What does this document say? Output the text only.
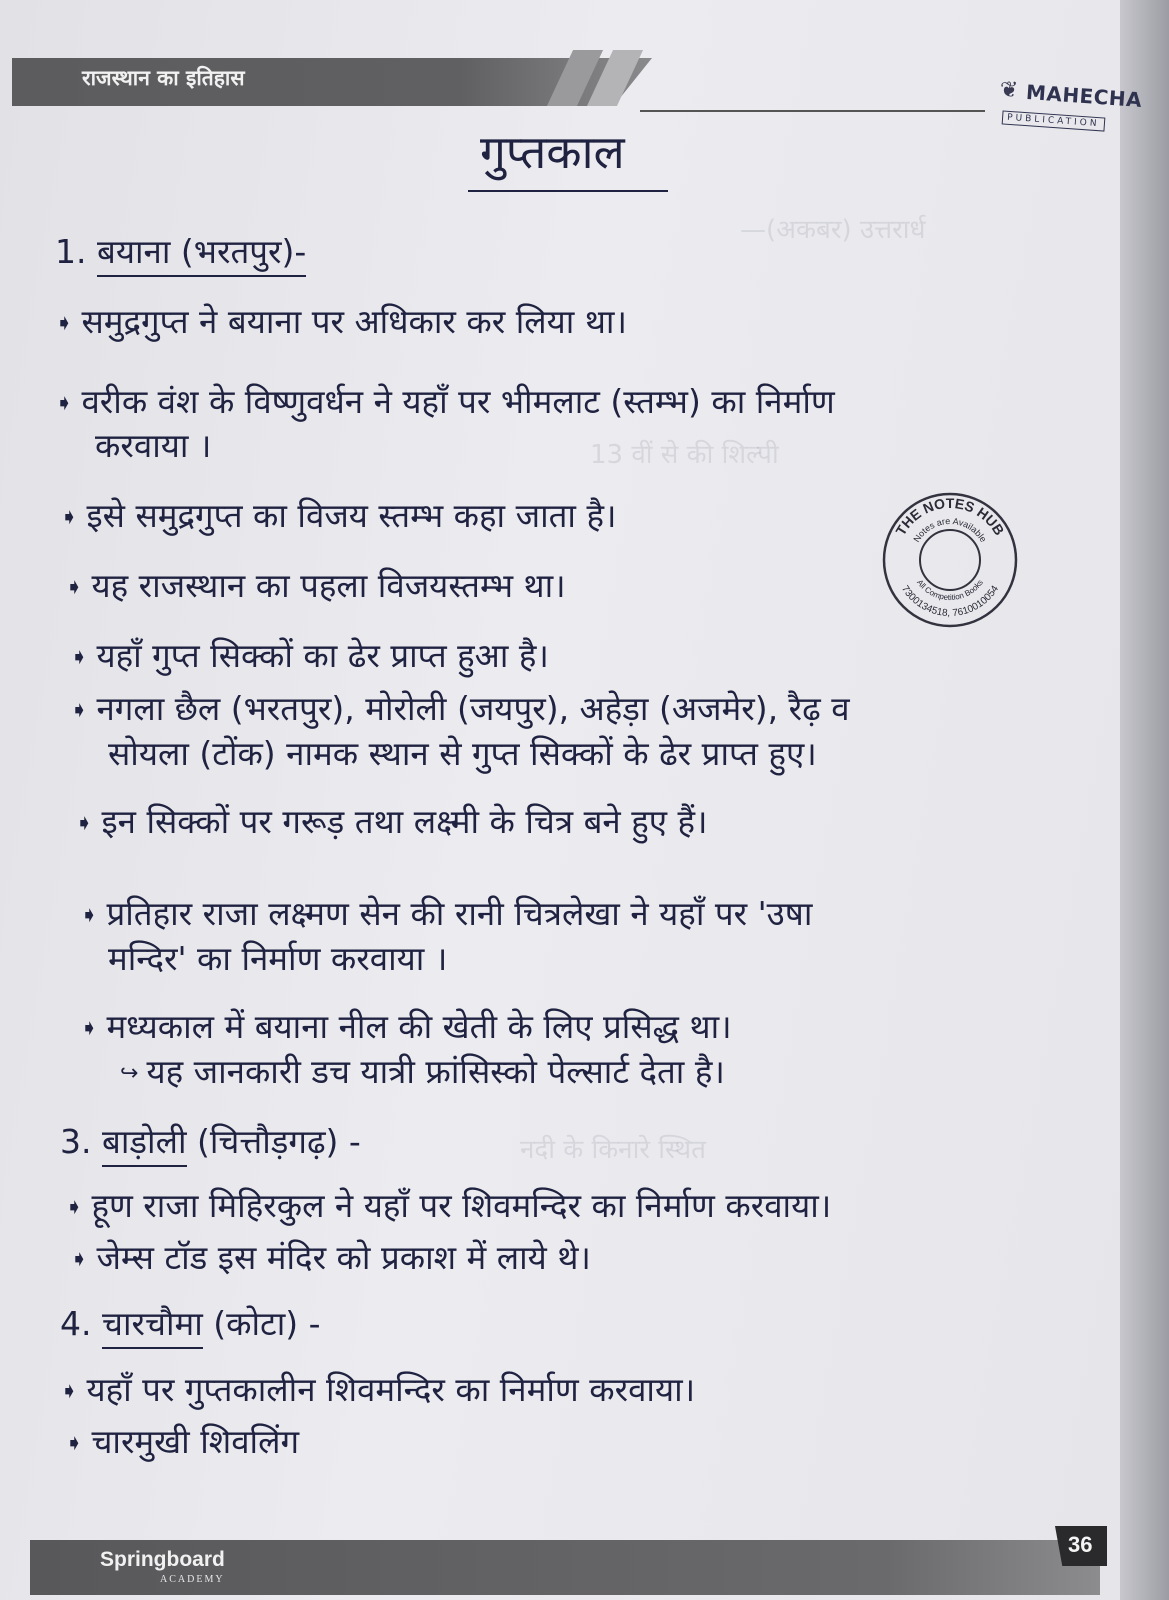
—(अकबर) उत्तरार्ध
13 वीं से की शिल्पी
नदी के किनारे स्थित
राजस्थान का इतिहास	❦ MAHECHA
PUBLICATION
गुप्तकाल
1. बयाना (भरतपुर)-
➧ समुद्रगुप्त ने बयाना पर अधिकार कर लिया था।
➧ वरीक वंश के विष्णुवर्धन ने यहाँ पर भीमलाट (स्तम्भ) का निर्माण
करवाया ।
➧ इसे समुद्रगुप्त का विजय स्तम्भ कहा जाता है।
➧ यह राजस्थान का पहला विजयस्तम्भ था।
➧ यहाँ गुप्त सिक्कों का ढेर प्राप्त हुआ है।
➧ नगला छैल (भरतपुर), मोरोली (जयपुर), अहेड़ा (अजमेर), रैढ़ व
सोयला (टोंक) नामक स्थान से गुप्त सिक्कों के ढेर प्राप्त हुए।
➧ इन सिक्कों पर गरूड़ तथा लक्ष्मी के चित्र बने हुए हैं।
➧ प्रतिहार राजा लक्ष्मण सेन की रानी चित्रलेखा ने यहाँ पर 'उषा
मन्दिर' का निर्माण करवाया ।
➧ मध्यकाल में बयाना नील की खेती के लिए प्रसिद्ध था।
↪ यह जानकारी डच यात्री फ्रांसिस्को पेल्सार्ट देता है।
3. बाड़ोली (चित्तौड़गढ़) -
➧ हूण राजा मिहिरकुल ने यहाँ पर शिवमन्दिर का निर्माण करवाया।
➧ जेम्स टॉड इस मंदिर को प्रकाश में लाये थे।
4. चारचौमा (कोटा) -
➧ यहाँ पर गुप्तकालीन शिवमन्दिर का निर्माण करवाया।
➧ चारमुखी शिवलिंग
THE NOTES HUB
Notes are Available
7300134518, 7610010054
All Competition Books
Springboard
ACADEMY
36
